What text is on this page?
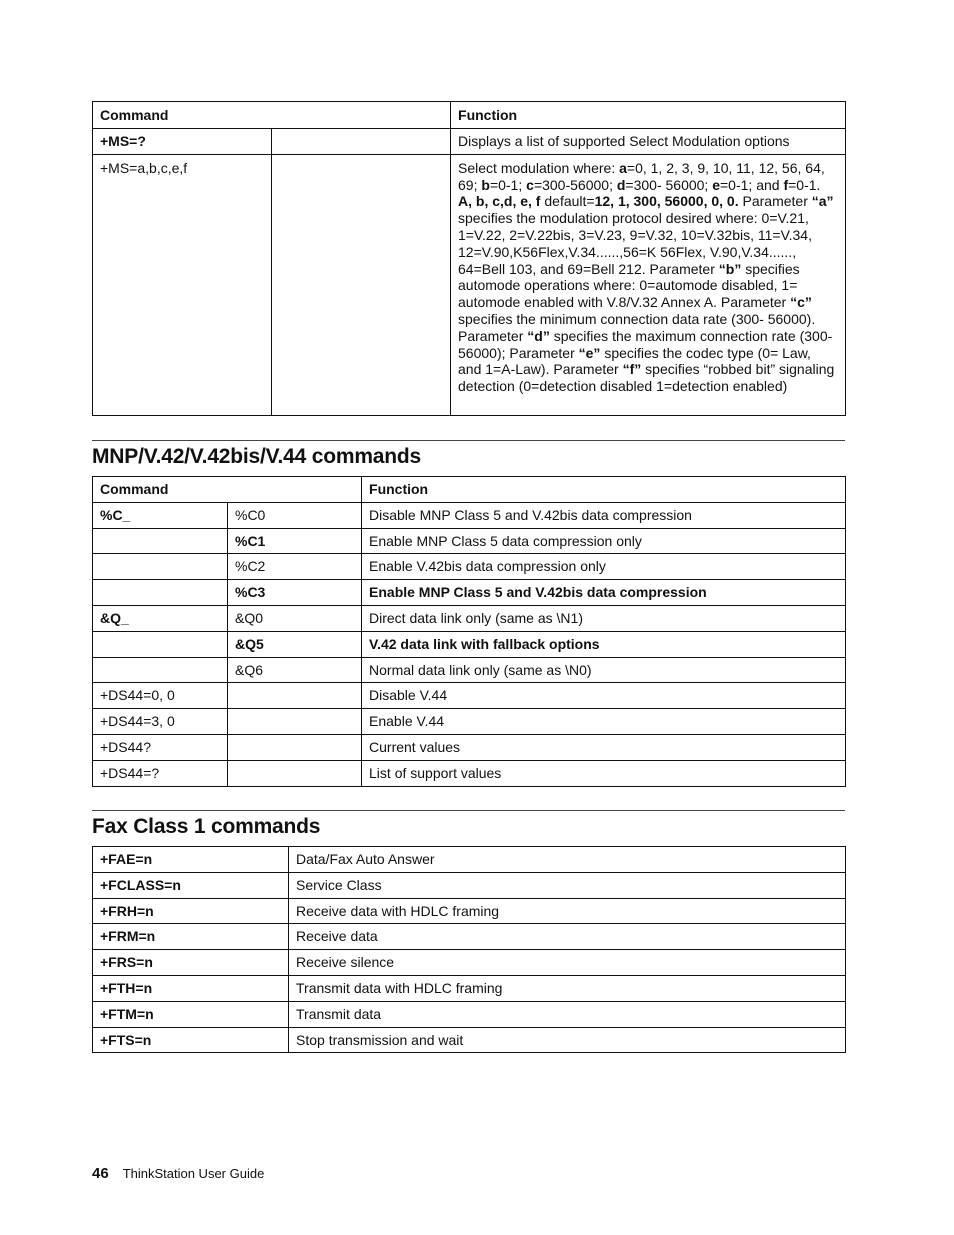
Command		Function
+MS=?		Displays a list of supported Select Modulation options
+MS=a,b,c,e,f		Select modulation where: a=0, 1, 2, 3, 9, 10, 11, 12, 56, 64, 69; b=0-1; c=300-56000; d=300- 56000; e=0-1; and f=0-1. A, b, c,d, e, f default=12, 1, 300, 56000, 0, 0. Parameter “a” specifies the modulation protocol desired where: 0=V.21, 1=V.22, 2=V.22bis, 3=V.23, 9=V.32, 10=V.32bis, 11=V.34, 12=V.90,K56Flex,V.34......,56=K 56Flex, V.90,V.34......, 64=Bell 103, and 69=Bell 212. Parameter “b” specifies automode operations where: 0=automode disabled, 1= automode enabled with V.8/V.32 Annex A. Parameter “c” specifies the minimum connection data rate (300- 56000). Parameter “d” specifies the maximum connection rate (300-56000); Parameter “e” specifies the codec type (0= Law, and 1=A-Law). Parameter “f” specifies “robbed bit” signaling detection (0=detection disabled 1=detection enabled)
MNP/V.42/V.42bis/V.44 commands
Command		Function
%C_	%C0	Disable MNP Class 5 and V.42bis data compression
	%C1	Enable MNP Class 5 data compression only
	%C2	Enable V.42bis data compression only
	%C3	Enable MNP Class 5 and V.42bis data compression
&Q_	&Q0	Direct data link only (same as \N1)
	&Q5	V.42 data link with fallback options
	&Q6	Normal data link only (same as \N0)
+DS44=0, 0		Disable V.44
+DS44=3, 0		Enable V.44
+DS44?		Current values
+DS44=?		List of support values
Fax Class 1 commands
+FAE=n	Data/Fax Auto Answer
+FCLASS=n	Service Class
+FRH=n	Receive data with HDLC framing
+FRM=n	Receive data
+FRS=n	Receive silence
+FTH=n	Transmit data with HDLC framing
+FTM=n	Transmit data
+FTS=n	Stop transmission and wait
46 ThinkStation User Guide
